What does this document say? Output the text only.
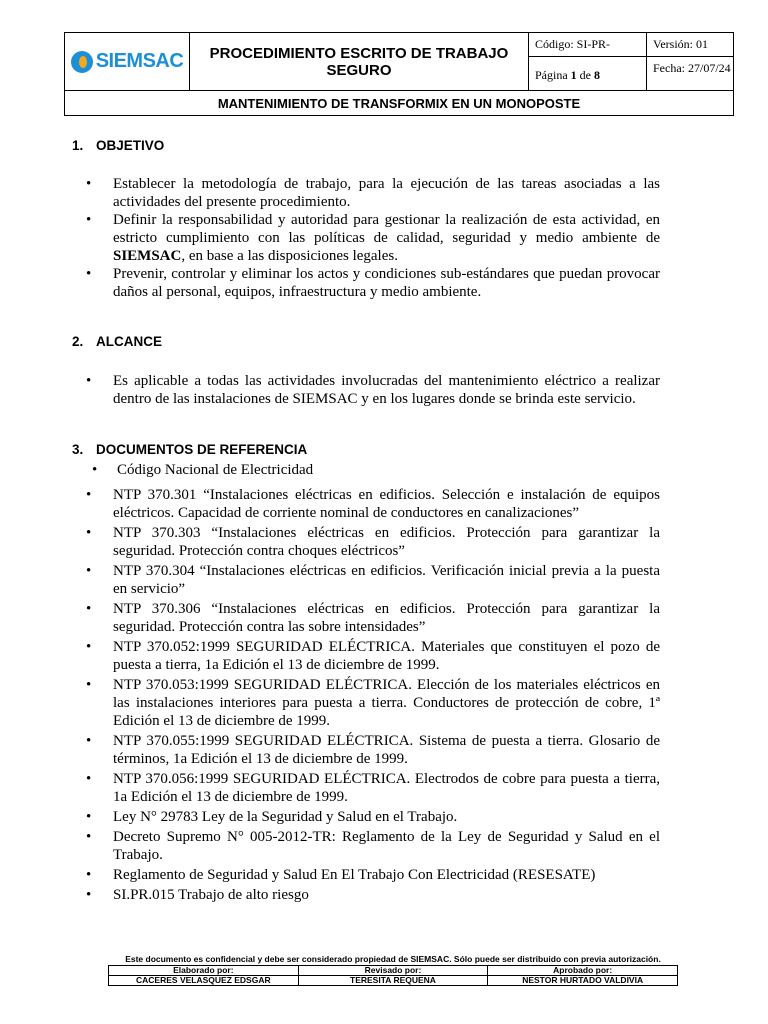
SIEMSAC	PROCEDIMIENTO ESCRITO DE TRABAJO SEGURO
Código: SI-PR-
Página 1 de 8
Versión: 01
Fecha: 27/07/24
MANTENIMIENTO DE TRANSFORMIX EN UN MONOPOSTE
1. OBJETIVO
• Establecer la metodología de trabajo, para la ejecución de las tareas asociadas a las actividades del presente procedimiento.
• Definir la responsabilidad y autoridad para gestionar la realización de esta actividad, en estricto cumplimiento con las políticas de calidad, seguridad y medio ambiente de SIEMSAC, en base a las disposiciones legales.
• Prevenir, controlar y eliminar los actos y condiciones sub-estándares que puedan provocar daños al personal, equipos, infraestructura y medio ambiente.
2. ALCANCE
• Es aplicable a todas las actividades involucradas del mantenimiento eléctrico a realizar dentro de las instalaciones de SIEMSAC y en los lugares donde se brinda este servicio.
3. DOCUMENTOS DE REFERENCIA
• Código Nacional de Electricidad
• NTP 370.301 “Instalaciones eléctricas en edificios. Selección e instalación de equipos eléctricos. Capacidad de corriente nominal de conductores en canalizaciones”
• NTP 370.303 “Instalaciones eléctricas en edificios. Protección para garantizar la seguridad. Protección contra choques eléctricos”
• NTP 370.304 “Instalaciones eléctricas en edificios. Verificación inicial previa a la puesta en servicio”
• NTP 370.306 “Instalaciones eléctricas en edificios. Protección para garantizar la seguridad. Protección contra las sobre intensidades”
• NTP 370.052:1999 SEGURIDAD ELÉCTRICA. Materiales que constituyen el pozo de puesta a tierra, 1a Edición el 13 de diciembre de 1999.
• NTP 370.053:1999 SEGURIDAD ELÉCTRICA. Elección de los materiales eléctricos en las instalaciones interiores para puesta a tierra. Conductores de protección de cobre, 1ª Edición el 13 de diciembre de 1999.
• NTP 370.055:1999 SEGURIDAD ELÉCTRICA. Sistema de puesta a tierra. Glosario de términos, 1a Edición el 13 de diciembre de 1999.
• NTP 370.056:1999 SEGURIDAD ELÉCTRICA. Electrodos de cobre para puesta a tierra, 1a Edición el 13 de diciembre de 1999.
• Ley N° 29783 Ley de la Seguridad y Salud en el Trabajo.
• Decreto Supremo N° 005-2012-TR: Reglamento de la Ley de Seguridad y Salud en el Trabajo.
• Reglamento de Seguridad y Salud En El Trabajo Con Electricidad (RESESATE)
• SI.PR.015 Trabajo de alto riesgo
Este documento es confidencial y debe ser considerado propiedad de SIEMSAC. Sólo puede ser distribuido con previa autorización.
Elaborado por:	Revisado por:	Aprobado por:
CACERES VELASQUEZ EDSGAR	TERESITA REQUENA	NESTOR HURTADO VALDIVIA
